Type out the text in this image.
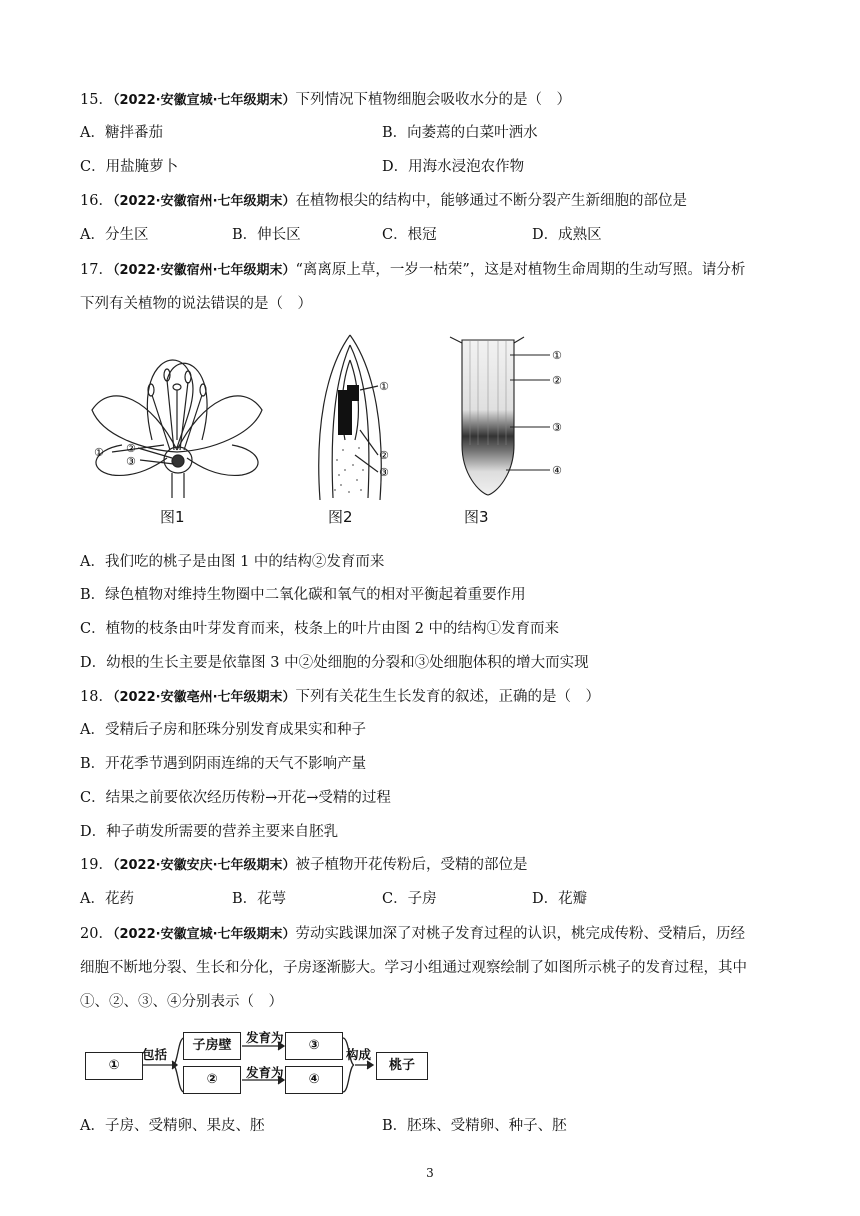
15．（2022·安徽宣城·七年级期末）下列情况下植物细胞会吸收水分的是（　）
A．糖拌番茄	B．向萎蔫的白菜叶洒水
C．用盐腌萝卜	D．用海水浸泡农作物
16．（2022·安徽宿州·七年级期末）在植物根尖的结构中，能够通过不断分裂产生新细胞的部位是
A．分生区	B．伸长区	C．根冠	D．成熟区
17．（2022·安徽宿州·七年级期末）“离离原上草，一岁一枯荣”，这是对植物生命周期的生动写照。请分析
下列有关植物的说法错误的是（　）
① ②
③
图1
①
②
③
图2
①
②
③
④
图3
A．我们吃的桃子是由图 1 中的结构②发育而来
B．绿色植物对维持生物圈中二氧化碳和氧气的相对平衡起着重要作用
C．植物的枝条由叶芽发育而来，枝条上的叶片由图 2 中的结构①发育而来
D．幼根的生长主要是依靠图 3 中②处细胞的分裂和③处细胞体积的增大而实现
18．（2022·安徽亳州·七年级期末）下列有关花生生长发育的叙述，正确的是（　）
A．受精后子房和胚珠分别发育成果实和种子
B．开花季节遇到阴雨连绵的天气不影响产量
C．结果之前要依次经历传粉→开花→受精的过程
D．种子萌发所需要的营养主要来自胚乳
19．（2022·安徽安庆·七年级期末）被子植物开花传粉后，受精的部位是
A．花药	B．花萼	C．子房	D．花瓣
20．（2022·安徽宣城·七年级期末）劳动实践课加深了对桃子发育过程的认识，桃完成传粉、受精后，历经
细胞不断地分裂、生长和分化，子房逐渐膨大。学习小组通过观察绘制了如图所示桃子的发育过程，其中
①、②、③、④分别表示（　）
①
包括
子房壁
②
发育为
发育为
③
④
构成
桃子
A．子房、受精卵、果皮、胚	B．胚珠、受精卵、种子、胚
3
